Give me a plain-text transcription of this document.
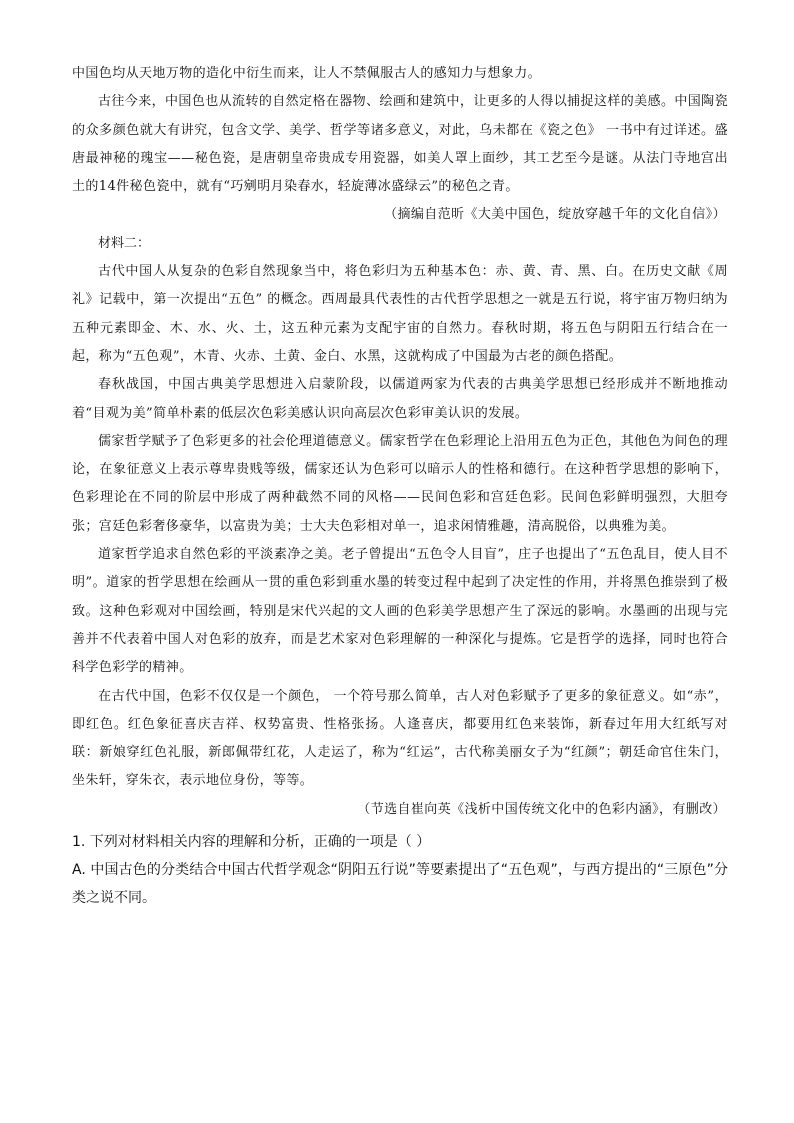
中国色均从天地万物的造化中衍生而来，让人不禁佩服古人的感知力与想象力。

古往今来，中国色也从流转的自然定格在器物、绘画和建筑中，让更多的人得以捕捉这样的美感。中国陶瓷的众多颜色就大有讲究，包含文学、美学、哲学等诸多意义，对此，乌未都在《瓷之色》 一书中有过详述。盛唐最神秘的瑰宝——秘色瓷，是唐朝皇帝贵成专用瓷器，如美人罩上面纱，其工艺至今是谜。从法门寺地宫出土的14件秘色瓷中，就有“巧剜明月染春水，轻旋薄冰盛绿云”的秘色之青。

（摘编自范昕《大美中国色，绽放穿越千年的文化自信》）

材料二：

古代中国人从复杂的色彩自然现象当中，将色彩归为五种基本色：赤、黄、青、黑、白。在历史文献《周礼》记载中，第一次提出“五色” 的概念。西周最具代表性的古代哲学思想之一就是五行说，将宇宙万物归纳为五种元素即金、木、水、火、土，这五种元素为支配宇宙的自然力。春秋时期，将五色与阴阳五行结合在一起，称为“五色观”，木青、火赤、土黄、金白、水黑，这就构成了中国最为古老的颜色搭配。

春秋战国，中国古典美学思想进入启蒙阶段，以儒道两家为代表的古典美学思想已经形成并不断地推动着“目观为美”简单朴素的低层次色彩美感认识向高层次色彩审美认识的发展。

儒家哲学赋予了色彩更多的社会伦理道德意义。儒家哲学在色彩理论上沿用五色为正色，其他色为间色的理论，在象征意义上表示尊卑贵贱等级，儒家还认为色彩可以暗示人的性格和德行。在这种哲学思想的影响下，色彩理论在不同的阶层中形成了两种截然不同的风格——民间色彩和宫廷色彩。民间色彩鲜明强烈，大胆夸张；宫廷色彩奢侈豪华，以富贵为美；士大夫色彩相对单一，追求闲情雅趣，清高脱俗，以典雅为美。

道家哲学追求自然色彩的平淡素净之美。老子曾提出“五色令人目盲”，庄子也提出了“五色乱目，使人目不明”。道家的哲学思想在绘画从一贯的重色彩到重水墨的转变过程中起到了决定性的作用，并将黑色推崇到了极致。这种色彩观对中国绘画，特别是宋代兴起的文人画的色彩美学思想产生了深远的影响。水墨画的出现与完善并不代表着中国人对色彩的放弃，而是艺术家对色彩理解的一种深化与提炼。它是哲学的选择，同时也符合科学色彩学的精神。

在古代中国，色彩不仅仅是一个颜色， 一个符号那么简单，古人对色彩赋予了更多的象征意义。如“赤”，即红色。红色象征喜庆吉祥、权势富贵、性格张扬。人逢喜庆，都要用红色来装饰，新春过年用大红纸写对联：新娘穿红色礼服，新郎佩带红花，人走运了，称为“红运”，古代称美丽女子为“红颜”；朝廷命官住朱门，坐朱轩，穿朱衣，表示地位身份，等等。

（节选自崔向英《浅析中国传统文化中的色彩内涵》，有删改）

1. 下列对材料相关内容的理解和分析，正确的一项是（ ）

A. 中国古色的分类结合中国古代哲学观念“阴阳五行说”等要素提出了“五色观”，与西方提出的“三原色”分类之说不同。
